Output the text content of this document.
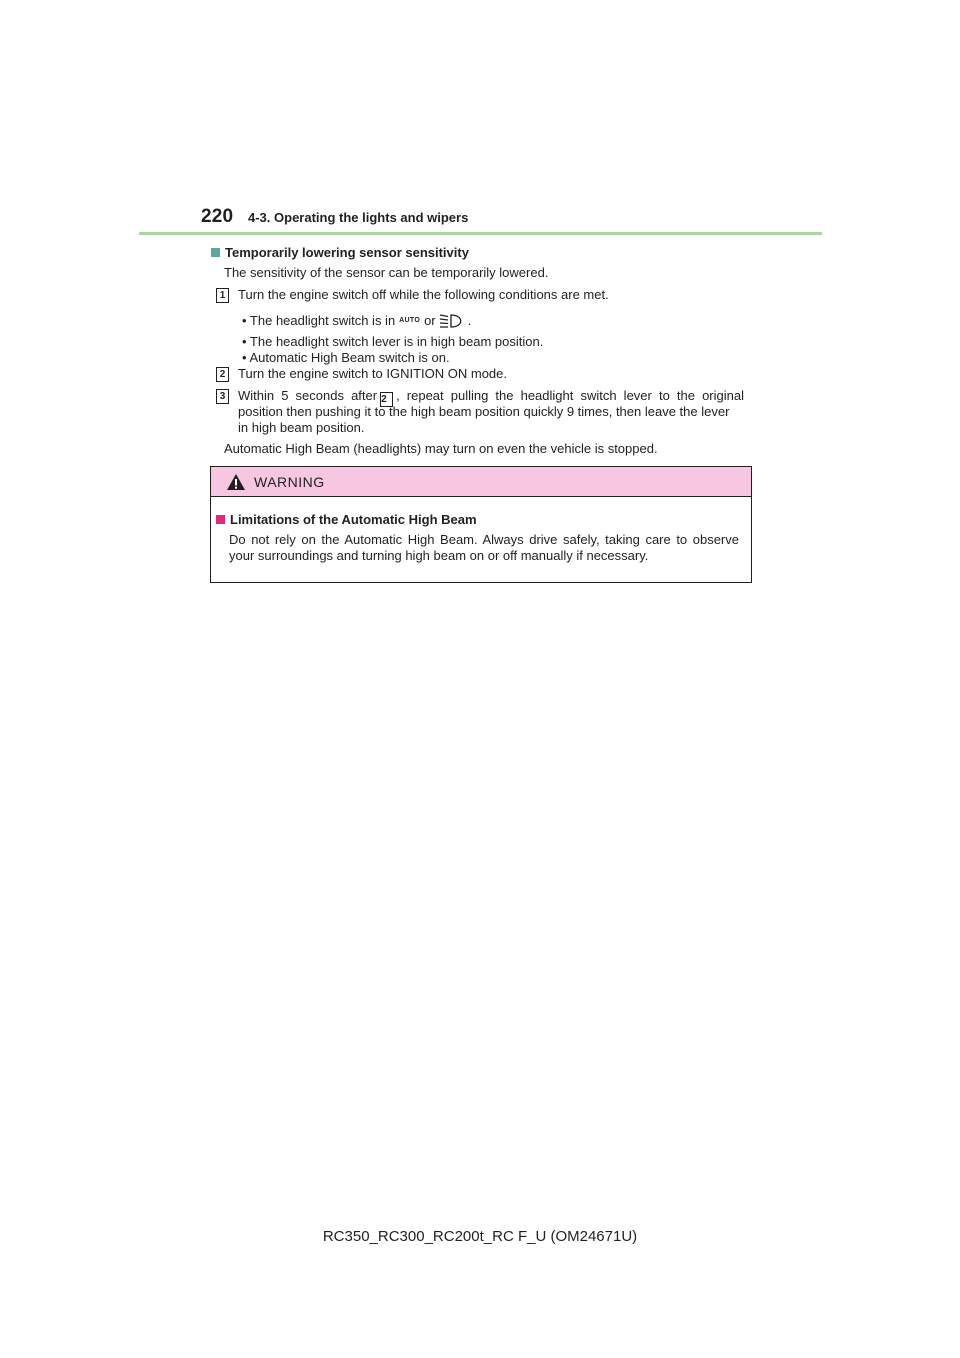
220 4-3. Operating the lights and wipers
Temporarily lowering sensor sensitivity
The sensitivity of the sensor can be temporarily lowered.
1 Turn the engine switch off while the following conditions are met.
• The headlight switch is in AUTO or .
• The headlight switch lever is in high beam position.
• Automatic High Beam switch is on.
2 Turn the engine switch to IGNITION ON mode.
3 Within 5 seconds after 2 , repeat pulling the headlight switch lever to the original
position then pushing it to the high beam position quickly 9 times, then leave the lever
in high beam position.
Automatic High Beam (headlights) may turn on even the vehicle is stopped.
WARNING
Limitations of the Automatic High Beam
Do not rely on the Automatic High Beam. Always drive safely, taking care to observe
your surroundings and turning high beam on or off manually if necessary.
RC350_RC300_RC200t_RC F_U (OM24671U)
